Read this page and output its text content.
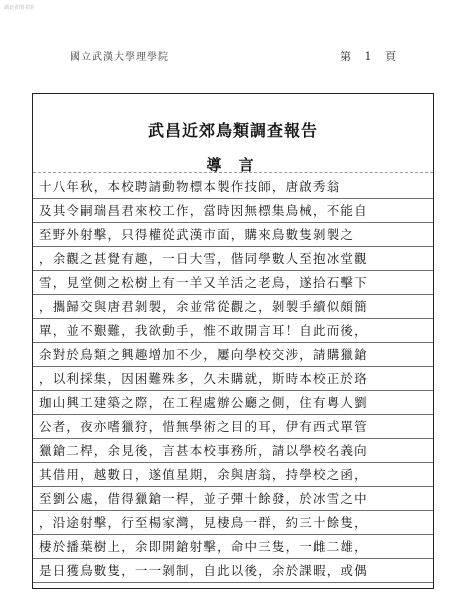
湖北省图书馆
國立武漢大學理學院	第 1 頁
武昌近郊鳥類調查報告
導 言
十八年秋，本校聘請動物標本製作技師，唐啟秀翁
及其令嗣瑞昌君來校工作，當時因無標集鳥械，不能自
至野外射擊，只得權從武漢市面，購來鳥數隻剝製之
，余觀之甚覺有趣，一日大雪，偕同學數人至抱冰堂觀
雪，見堂側之松樹上有一羊又羊活之老鳥，遂拾石擊下
，攜歸交與唐君剝製，余並常從觀之，剝製手續似頗簡
單，並不艱難，我欲動手，惟不敢開言耳！自此而後，
余對於鳥類之興趣增加不少，屢向學校交涉，請購獵鎗
，以利採集，因困難殊多，久未購就，斯時本校正於珞
珈山興工建築之際，在工程處辦公廳之側，住有粵人劉
公者，夜亦嗜獵狩，惜無學術之目的耳，伊有西式單管
獵鎗二桿，余見後，言甚本校事務所，請以學校名義向
其借用，越數日，遂值星期，余與唐翁，持學校之函，
至劉公處，借得獵鎗一桿，並子彈十餘發，於冰雪之中
，沿途射擊，行至楊家灣，見棲鳥一群，約三十餘隻，
棲於播葉樹上，余即開鎗射擊，命中三隻，一雌二雄，
是日獲鳥數隻，一一剝制，自此以後，余於課暇，或偶
